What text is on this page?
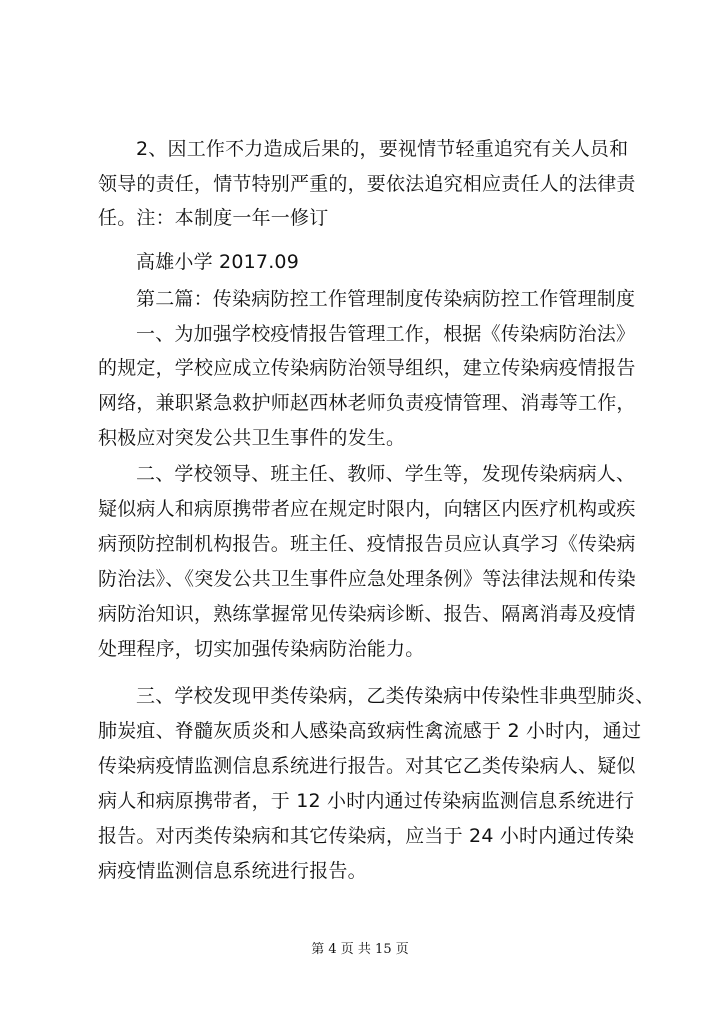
2、因工作不力造成后果的，要视情节轻重追究有关人员和
领导的责任，情节特别严重的，要依法追究相应责任人的法律责
任。注：本制度一年一修订
高雄小学 2017.09
第二篇：传染病防控工作管理制度传染病防控工作管理制度
一、为加强学校疫情报告管理工作，根据《传染病防治法》
的规定，学校应成立传染病防治领导组织，建立传染病疫情报告
网络，兼职紧急救护师赵西林老师负责疫情管理、消毒等工作，
积极应对突发公共卫生事件的发生。
二、学校领导、班主任、教师、学生等，发现传染病病人、
疑似病人和病原携带者应在规定时限内，向辖区内医疗机构或疾
病预防控制机构报告。班主任、疫情报告员应认真学习《传染病
防治法》、《突发公共卫生事件应急处理条例》等法律法规和传染
病防治知识，熟练掌握常见传染病诊断、报告、隔离消毒及疫情
处理程序，切实加强传染病防治能力。
三、学校发现甲类传染病，乙类传染病中传染性非典型肺炎、
肺炭疽、脊髓灰质炎和人感染高致病性禽流感于 2 小时内，通过
传染病疫情监测信息系统进行报告。对其它乙类传染病人、疑似
病人和病原携带者，于 12 小时内通过传染病监测信息系统进行
报告。对丙类传染病和其它传染病，应当于 24 小时内通过传染
病疫情监测信息系统进行报告。
第 4 页 共 15 页
